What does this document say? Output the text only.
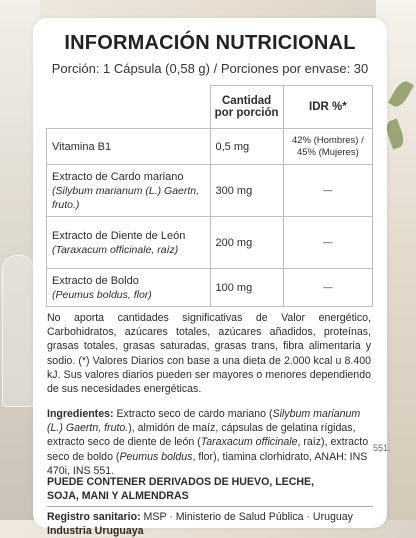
INFORMACIÓN NUTRICIONAL
Porción: 1 Cápsula (0,58 g) / Porciones por envase: 30
	Cantidad por porción	IDR %*
Vitamina B1	0,5 mg	42% (Hombres) / 45% (Mujeres)
Extracto de Cardo mariano
(Silybum marianum (L.) Gaertn, fruto.)	300 mg	—
Extracto de Diente de León
(Taraxacum officinale, raíz)	200 mg	—
Extracto de Boldo
(Peumus boldus, flor)	100 mg	—
No aporta cantidades significativas de Valor energético, Carbohidratos, azúcares totales, azúcares añadidos, proteínas, grasas totales, grasas saturadas, grasas trans, fibra alimentaria y sodio. (*) Valores Diarios con base a una dieta de 2.000 kcal u 8.400 kJ. Sus valores diarios pueden ser mayores o menores dependiendo de sus necesidades energéticas.
Ingredientes: Extracto seco de cardo mariano (Silybum marianum (L.) Gaertn, fruto.), almidón de maíz, cápsulas de gelatina rígidas, extracto seco de diente de león (Taraxacum officinale, raíz), extracto seco de boldo (Peumus boldus, flor), tiamina clorhidrato, ANAH: INS 470i, INS 551.
551.
PUEDE CONTENER DERIVADOS DE HUEVO, LECHE, SOJA, MANI Y ALMENDRAS
Registro sanitario: MSP · Ministerio de Salud Pública · Uruguay
Industria Uruguaya
